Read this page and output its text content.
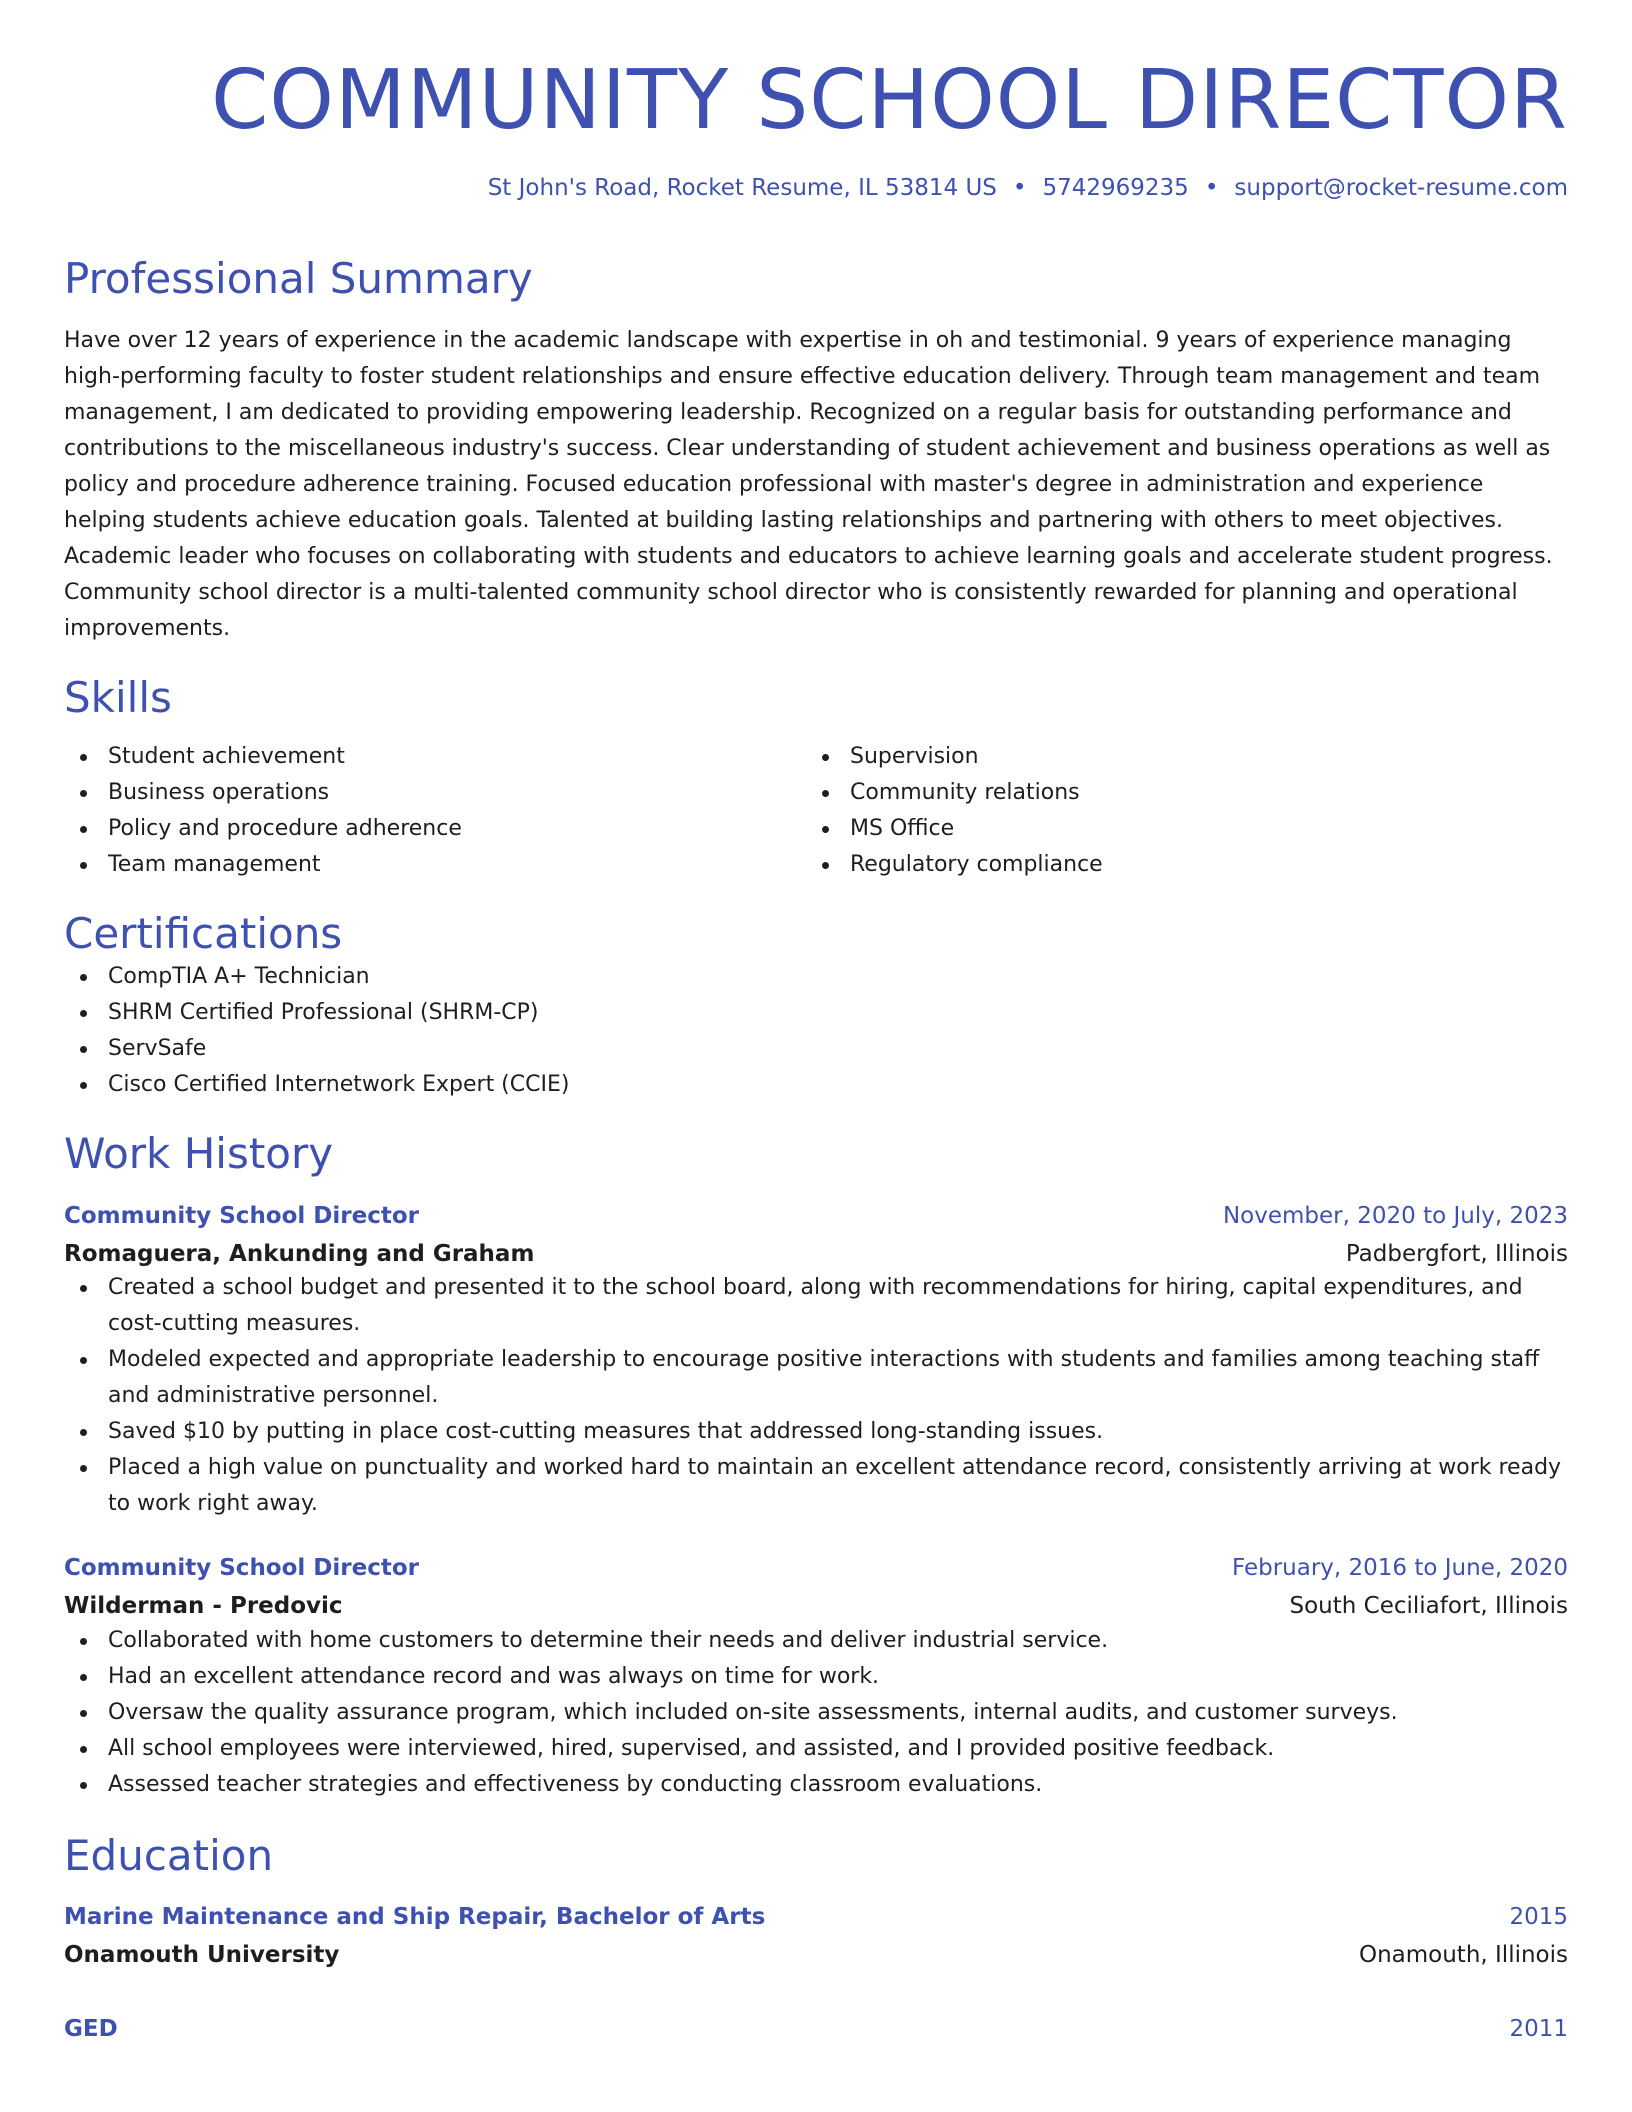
COMMUNITY SCHOOL DIRECTOR
St John's Road, Rocket Resume, IL 53814 US • 5742969235 • support@rocket-resume.com
Professional Summary
Have over 12 years of experience in the academic landscape with expertise in oh and testimonial. 9 years of experience managing high-performing faculty to foster student relationships and ensure effective education delivery. Through team management and team management, I am dedicated to providing empowering leadership. Recognized on a regular basis for outstanding performance and contributions to the miscellaneous industry's success. Clear understanding of student achievement and business operations as well as policy and procedure adherence training. Focused education professional with master's degree in administration and experience helping students achieve education goals. Talented at building lasting relationships and partnering with others to meet objectives. Academic leader who focuses on collaborating with students and educators to achieve learning goals and accelerate student progress. Community school director is a multi-talented community school director who is consistently rewarded for planning and operational improvements.
Skills
Student achievement
Business operations
Policy and procedure adherence
Team management
Supervision
Community relations
MS Office
Regulatory compliance
Certifications
CompTIA A+ Technician
SHRM Certified Professional (SHRM-CP)
ServSafe
Cisco Certified Internetwork Expert (CCIE)
Work History
Community School Director	November, 2020 to July, 2023
Romaguera, Ankunding and Graham	Padbergfort, Illinois
Created a school budget and presented it to the school board, along with recommendations for hiring, capital expenditures, and cost-cutting measures.
Modeled expected and appropriate leadership to encourage positive interactions with students and families among teaching staff and administrative personnel.
Saved $10 by putting in place cost-cutting measures that addressed long-standing issues.
Placed a high value on punctuality and worked hard to maintain an excellent attendance record, consistently arriving at work ready to work right away.
Community School Director	February, 2016 to June, 2020
Wilderman - Predovic	South Ceciliafort, Illinois
Collaborated with home customers to determine their needs and deliver industrial service.
Had an excellent attendance record and was always on time for work.
Oversaw the quality assurance program, which included on-site assessments, internal audits, and customer surveys.
All school employees were interviewed, hired, supervised, and assisted, and I provided positive feedback.
Assessed teacher strategies and effectiveness by conducting classroom evaluations.
Education
Marine Maintenance and Ship Repair, Bachelor of Arts	2015
Onamouth University	Onamouth, Illinois
GED	2011
